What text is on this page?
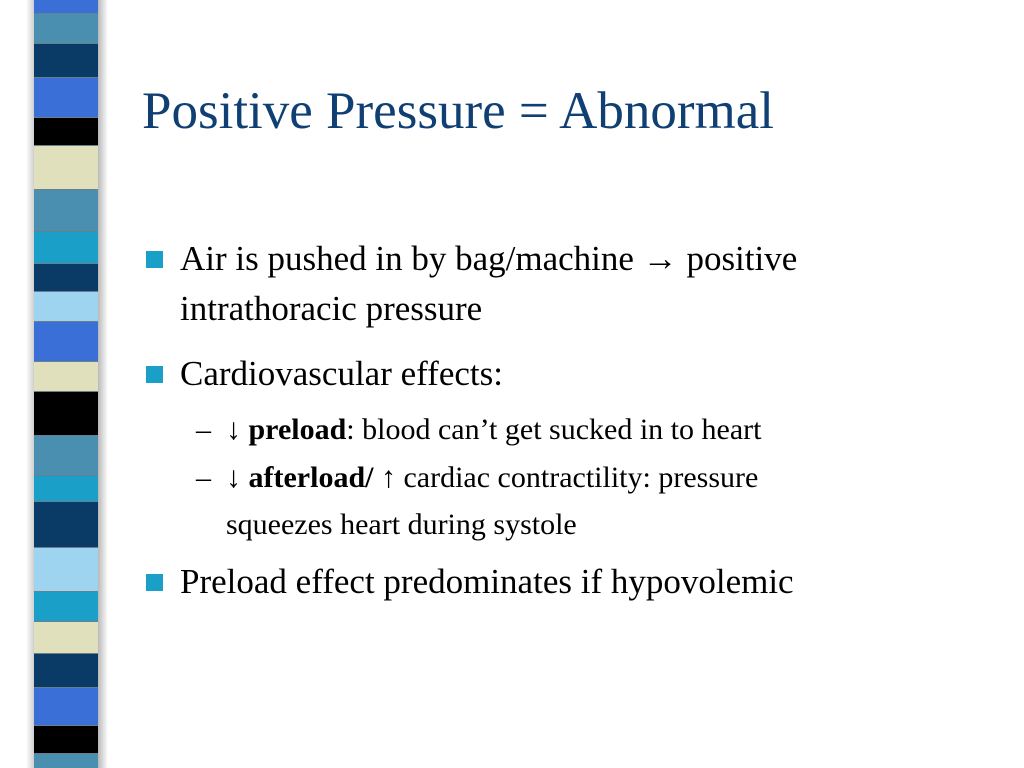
Positive Pressure = Abnormal
Air is pushed in by bag/machine → positive
intrathoracic pressure
Cardiovascular effects:
– ↓ preload: blood can’t get sucked in to heart
– ↓ afterload/ ↑ cardiac contractility: pressure
squeezes heart during systole
Preload effect predominates if hypovolemic
